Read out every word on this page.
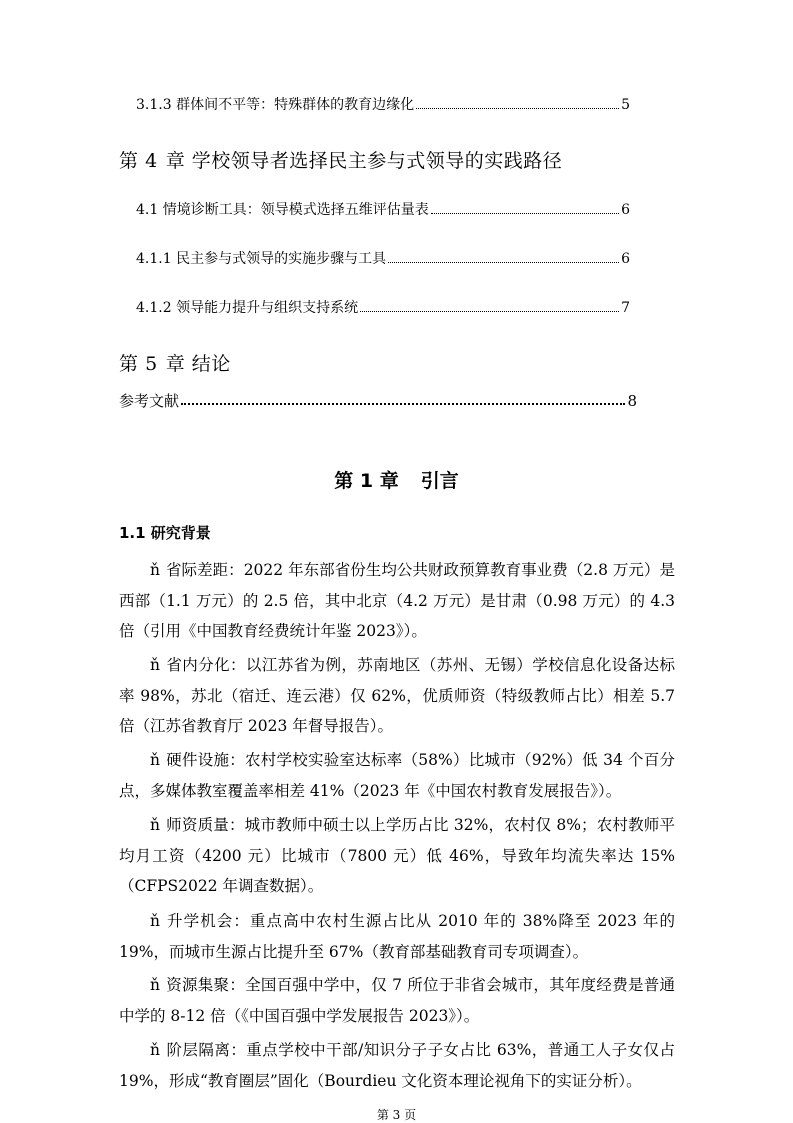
3.1.3 群体间不平等：特殊群体的教育边缘化	5
第 4 章 学校领导者选择民主参与式领导的实践路径
4.1 情境诊断工具：领导模式选择五维评估量表	6
4.1.1 民主参与式领导的实施步骤与工具	6
4.1.2 领导能力提升与组织支持系统	7
第 5 章 结论
参考文献	8
第 1 章 引言
1.1 研究背景
ň 省际差距：2022 年东部省份生均公共财政预算教育事业费（2.8 万元）是西部（1.1 万元）的 2.5 倍，其中北京（4.2 万元）是甘肃（0.98 万元）的 4.3 倍（引用《中国教育经费统计年鉴 2023》）。
ň 省内分化：以江苏省为例，苏南地区（苏州、无锡）学校信息化设备达标率 98%，苏北（宿迁、连云港）仅 62%，优质师资（特级教师占比）相差 5.7 倍（江苏省教育厅 2023 年督导报告）。
ň 硬件设施：农村学校实验室达标率（58%）比城市（92%）低 34 个百分点，多媒体教室覆盖率相差 41%（2023 年《中国农村教育发展报告》）。
ň 师资质量：城市教师中硕士以上学历占比 32%，农村仅 8%；农村教师平均月工资（4200 元）比城市（7800 元）低 46%，导致年均流失率达 15%（CFPS2022 年调查数据）。
ň 升学机会：重点高中农村生源占比从 2010 年的 38%降至 2023 年的 19%，而城市生源占比提升至 67%（教育部基础教育司专项调查）。
ň 资源集聚：全国百强中学中，仅 7 所位于非省会城市，其年度经费是普通中学的 8-12 倍（《中国百强中学发展报告 2023》）。
ň 阶层隔离：重点学校中干部/知识分子子女占比 63%，普通工人子女仅占 19%，形成“教育圈层”固化（Bourdieu 文化资本理论视角下的实证分析）。
第 3 页
